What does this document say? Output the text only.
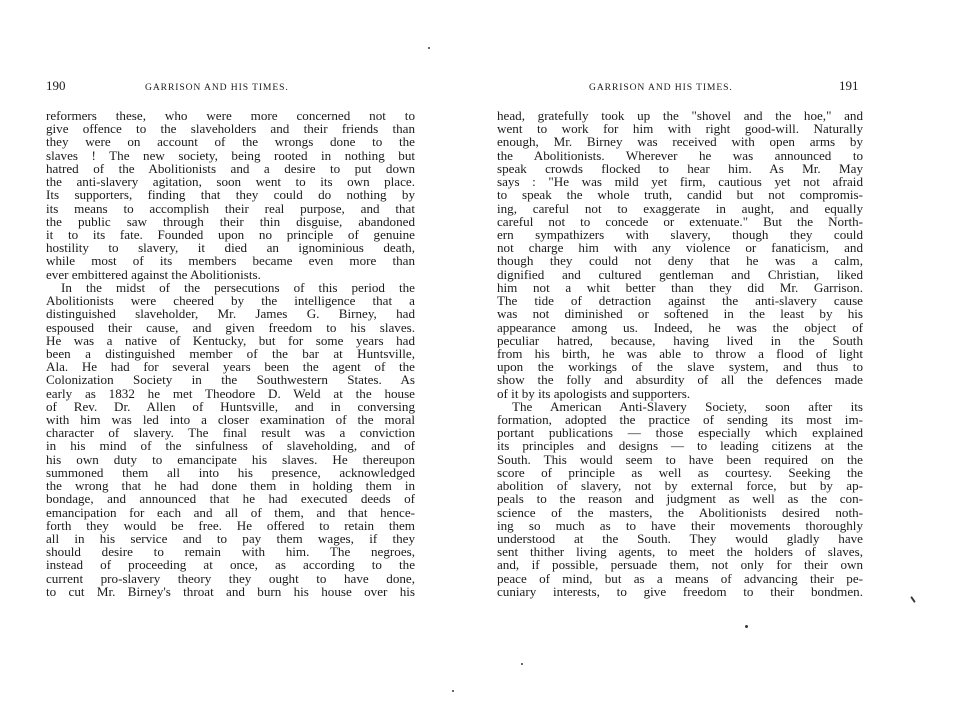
190	GARRISON AND HIS TIMES.
reformers these, who were more concerned not to
give offence to the slaveholders and their friends than
they were on account of the wrongs done to the
slaves ! The new society, being rooted in nothing but
hatred of the Abolitionists and a desire to put down
the anti-slavery agitation, soon went to its own place.
Its supporters, finding that they could do nothing by
its means to accomplish their real purpose, and that
the public saw through their thin disguise, abandoned
it to its fate. Founded upon no principle of genuine
hostility to slavery, it died an ignominious death,
while most of its members became even more than
ever embittered against the Abolitionists.
In the midst of the persecutions of this period the
Abolitionists were cheered by the intelligence that a
distinguished slaveholder, Mr. James G. Birney, had
espoused their cause, and given freedom to his slaves.
He was a native of Kentucky, but for some years had
been a distinguished member of the bar at Huntsville,
Ala. He had for several years been the agent of the
Colonization Society in the Southwestern States. As
early as 1832 he met Theodore D. Weld at the house
of Rev. Dr. Allen of Huntsville, and in conversing
with him was led into a closer examination of the moral
character of slavery. The final result was a conviction
in his mind of the sinfulness of slaveholding, and of
his own duty to emancipate his slaves. He thereupon
summoned them all into his presence, acknowledged
the wrong that he had done them in holding them in
bondage, and announced that he had executed deeds of
emancipation for each and all of them, and that hence-
forth they would be free. He offered to retain them
all in his service and to pay them wages, if they
should desire to remain with him. The negroes,
instead of proceeding at once, as according to the
current pro-slavery theory they ought to have done,
to cut Mr. Birney's throat and burn his house over his
GARRISON AND HIS TIMES.	191
head, gratefully took up the "shovel and the hoe," and
went to work for him with right good-will. Naturally
enough, Mr. Birney was received with open arms by
the Abolitionists. Wherever he was announced to
speak crowds flocked to hear him. As Mr. May
says : "He was mild yet firm, cautious yet not afraid
to speak the whole truth, candid but not compromis-
ing, careful not to exaggerate in aught, and equally
careful not to concede or extenuate." But the North-
ern sympathizers with slavery, though they could
not charge him with any violence or fanaticism, and
though they could not deny that he was a calm,
dignified and cultured gentleman and Christian, liked
him not a whit better than they did Mr. Garrison.
The tide of detraction against the anti-slavery cause
was not diminished or softened in the least by his
appearance among us. Indeed, he was the object of
peculiar hatred, because, having lived in the South
from his birth, he was able to throw a flood of light
upon the workings of the slave system, and thus to
show the folly and absurdity of all the defences made
of it by its apologists and supporters.
The American Anti-Slavery Society, soon after its
formation, adopted the practice of sending its most im-
portant publications — those especially which explained
its principles and designs — to leading citizens at the
South. This would seem to have been required on the
score of principle as well as courtesy. Seeking the
abolition of slavery, not by external force, but by ap-
peals to the reason and judgment as well as the con-
science of the masters, the Abolitionists desired noth-
ing so much as to have their movements thoroughly
understood at the South. They would gladly have
sent thither living agents, to meet the holders of slaves,
and, if possible, persuade them, not only for their own
peace of mind, but as a means of advancing their pe-
cuniary interests, to give freedom to their bondmen.
